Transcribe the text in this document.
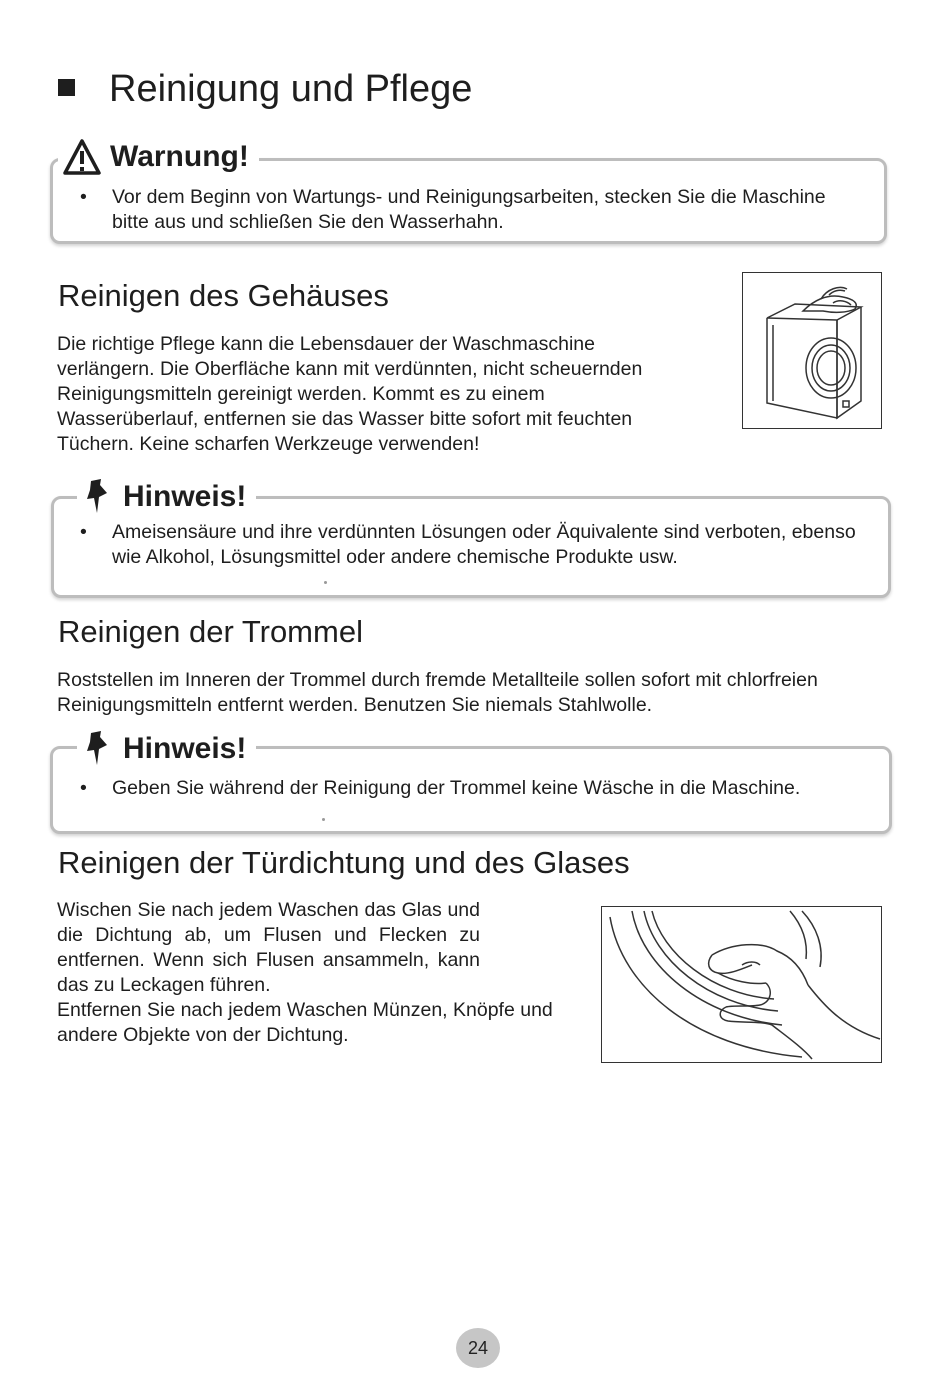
Reinigung und Pflege
Warnung!
• Vor dem Beginn von Wartungs- und Reinigungsarbeiten, stecken Sie die Maschine bitte aus und schließen Sie den Wasserhahn.
Reinigen des Gehäuses

Die richtige Pflege kann die Lebensdauer der Waschmaschine verlängern. Die Oberfläche kann mit verdünnten, nicht scheuernden Reinigungsmitteln gereinigt werden. Kommt es zu einem Wasserüberlauf, entfernen sie das Wasser bitte sofort mit feuchten Tüchern. Keine scharfen Werkzeuge verwenden!

Hinweis!
• Ameisensäure und ihre verdünnten Lösungen oder Äquivalente sind verboten, ebenso wie Alkohol, Lösungsmittel oder andere chemische Produkte usw.
Reinigen der Trommel

Roststellen im Inneren der Trommel durch fremde Metallteile sollen sofort mit chlorfreien Reinigungsmitteln entfernt werden. Benutzen Sie niemals Stahlwolle.

Hinweis!
• Geben Sie während der Reinigung der Trommel keine Wäsche in die Maschine.
Reinigen der Türdichtung und des Glases

Wischen Sie nach jedem Waschen das Glas und die Dichtung ab, um Flusen und Flecken zu entfernen. Wenn sich Flusen ansammeln, kann das zu Leckagen führen.

Entfernen Sie nach jedem Waschen Münzen, Knöpfe und andere Objekte von der Dichtung.

24
